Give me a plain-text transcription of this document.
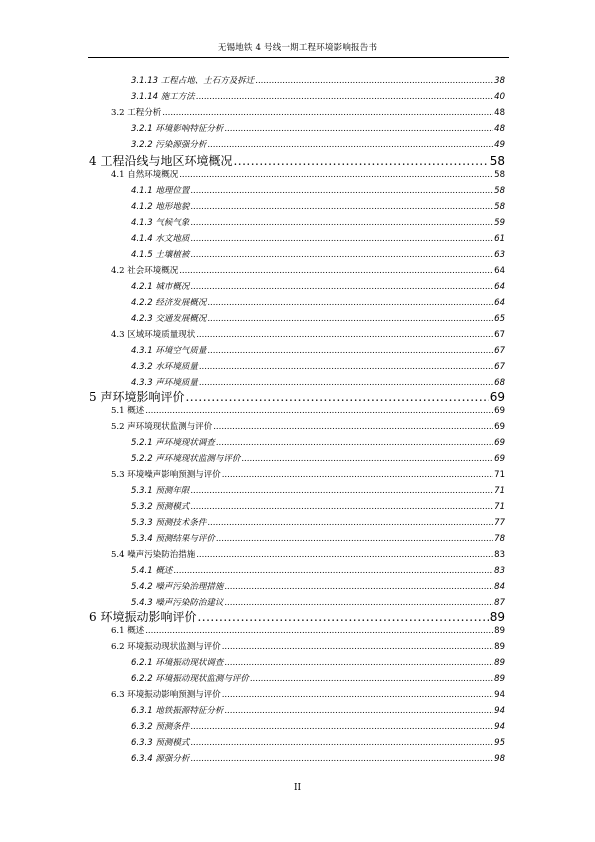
无锡地铁 4 号线一期工程环境影响报告书
3.1.13 工程占地、土石方及拆迁 .....	38
3.1.14 施工方法 .....	40
3.2 工程分析 .....	48
3.2.1 环境影响特征分析 .....	48
3.2.2 污染源强分析 .....	49
4 工程沿线与地区环境概况 .....	58
4.1 自然环境概况 .....	58
4.1.1 地理位置 .....	58
4.1.2 地形地貌 .....	58
4.1.3 气候气象 .....	59
4.1.4 水文地质 .....	61
4.1.5 土壤植被 .....	63
4.2 社会环境概况 .....	64
4.2.1 城市概况 .....	64
4.2.2 经济发展概况 .....	64
4.2.3 交通发展概况 .....	65
4.3 区域环境质量现状 .....	67
4.3.1 环境空气质量 .....	67
4.3.2 水环境质量 .....	67
4.3.3 声环境质量 .....	68
5 声环境影响评价 .....	69
5.1 概述 .....	69
5.2 声环境现状监测与评价 .....	69
5.2.1 声环境现状调查 .....	69
5.2.2 声环境现状监测与评价 .....	69
5.3 环境噪声影响预测与评价 .....	71
5.3.1 预测年限 .....	71
5.3.2 预测模式 .....	71
5.3.3 预测技术条件 .....	77
5.3.4 预测结果与评价 .....	78
5.4 噪声污染防治措施 .....	83
5.4.1 概述 .....	83
5.4.2 噪声污染治理措施 .....	84
5.4.3 噪声污染防治建议 .....	87
6 环境振动影响评价 .....	89
6.1 概述 .....	89
6.2 环境振动现状监测与评价 .....	89
6.2.1 环境振动现状调查 .....	89
6.2.2 环境振动现状监测与评价 .....	89
6.3 环境振动影响预测与评价 .....	94
6.3.1 地铁振源特征分析 .....	94
6.3.2 预测条件 .....	94
6.3.3 预测模式 .....	95
6.3.4 源强分析 .....	98
II
